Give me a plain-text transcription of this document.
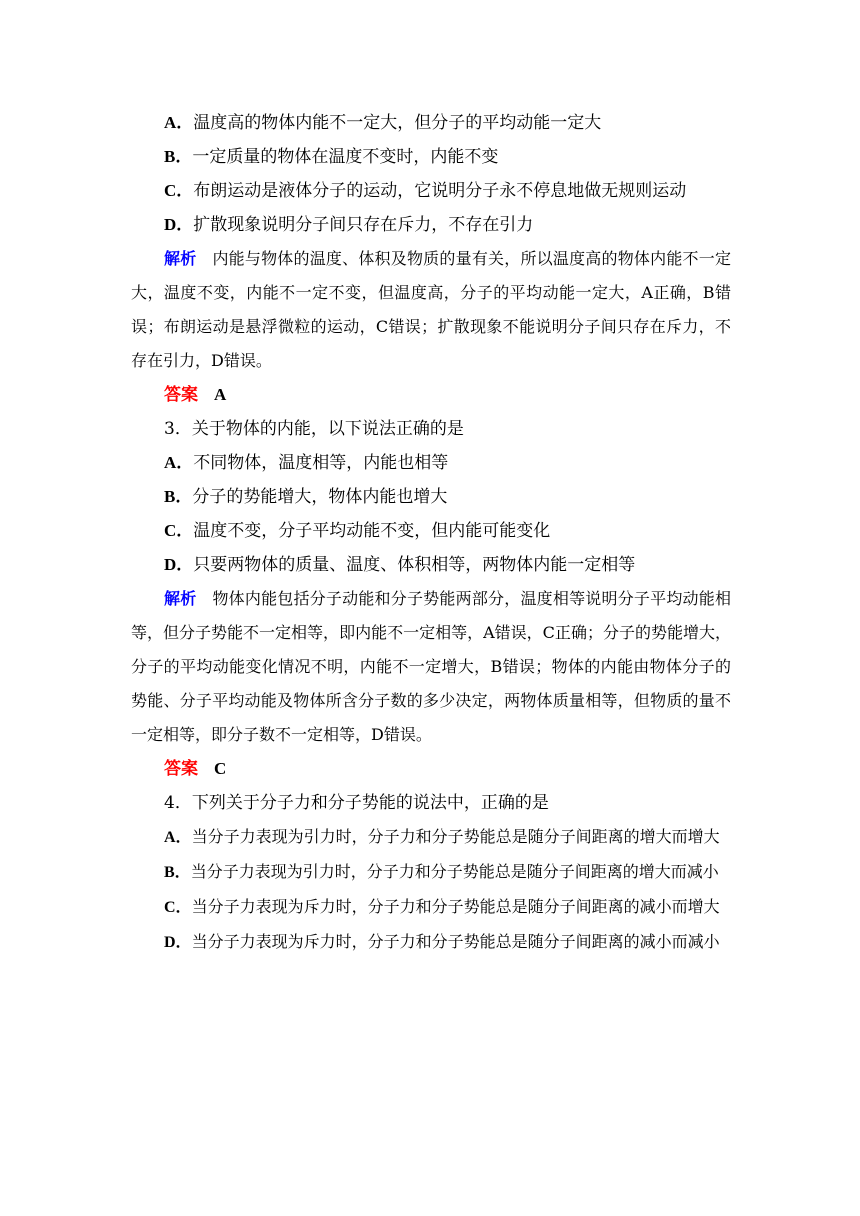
A．温度高的物体内能不一定大，但分子的平均动能一定大
B．一定质量的物体在温度不变时，内能不变
C．布朗运动是液体分子的运动，它说明分子永不停息地做无规则运动
D．扩散现象说明分子间只存在斥力，不存在引力
解析 内能与物体的温度、体积及物质的量有关，所以温度高的物体内能不一定大，温度不变，内能不一定不变，但温度高，分子的平均动能一定大，A正确，B错误；布朗运动是悬浮微粒的运动，C错误；扩散现象不能说明分子间只存在斥力，不存在引力，D错误。
答案 A
3．关于物体的内能，以下说法正确的是
A．不同物体，温度相等，内能也相等
B．分子的势能增大，物体内能也增大
C．温度不变，分子平均动能不变，但内能可能变化
D．只要两物体的质量、温度、体积相等，两物体内能一定相等
解析 物体内能包括分子动能和分子势能两部分，温度相等说明分子平均动能相等，但分子势能不一定相等，即内能不一定相等，A错误，C正确；分子的势能增大，分子的平均动能变化情况不明，内能不一定增大，B错误；物体的内能由物体分子的势能、分子平均动能及物体所含分子数的多少决定，两物体质量相等，但物质的量不一定相等，即分子数不一定相等，D错误。
答案 C
4．下列关于分子力和分子势能的说法中，正确的是
A．当分子力表现为引力时，分子力和分子势能总是随分子间距离的增大而增大
B．当分子力表现为引力时，分子力和分子势能总是随分子间距离的增大而减小
C．当分子力表现为斥力时，分子力和分子势能总是随分子间距离的减小而增大
D．当分子力表现为斥力时，分子力和分子势能总是随分子间距离的减小而减小
